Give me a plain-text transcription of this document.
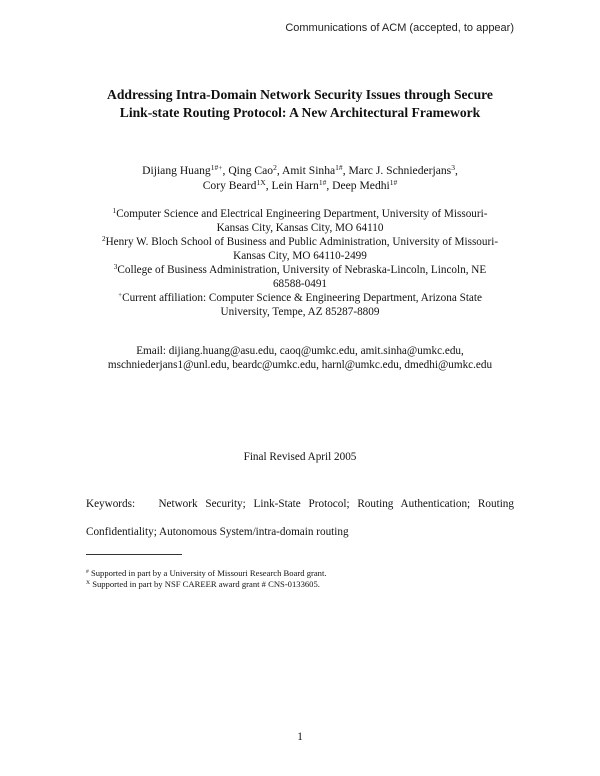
Communications of ACM (accepted, to appear)
Addressing Intra-Domain Network Security Issues through Secure
Link-state Routing Protocol: A New Architectural Framework
Dijiang Huang$^{1\#+}$, Qing Cao$^2$, Amit Sinha$^{1\#}$, Marc J. Schniederjans$^3$,
Cory Beard$^{1X}$, Lein Harn$^{1\#}$, Deep Medhi$^{1\#}$
$^1$Computer Science and Electrical Engineering Department, University of Missouri-
Kansas City, Kansas City, MO 64110
$^2$Henry W. Bloch School of Business and Public Administration, University of Missouri-
Kansas City, MO 64110-2499
$^3$College of Business Administration, University of Nebraska-Lincoln, Lincoln, NE
68588-0491
+Current affiliation: Computer Science & Engineering Department, Arizona State
University, Tempe, AZ 85287-8809
Email: dijiang.huang@asu.edu, caoq@umkc.edu, amit.sinha@umkc.edu,
mschniederjans1@unl.edu, beardc@umkc.edu, harnl@umkc.edu, dmedhi@umkc.edu
Final Revised April 2005
Keywords: Network Security; Link-State Protocol; Routing Authentication; Routing Confidentiality; Autonomous System/intra-domain routing
# Supported in part by a University of Missouri Research Board grant.
$^X$ Supported in part by NSF CAREER award grant # CNS-0133605.
1
